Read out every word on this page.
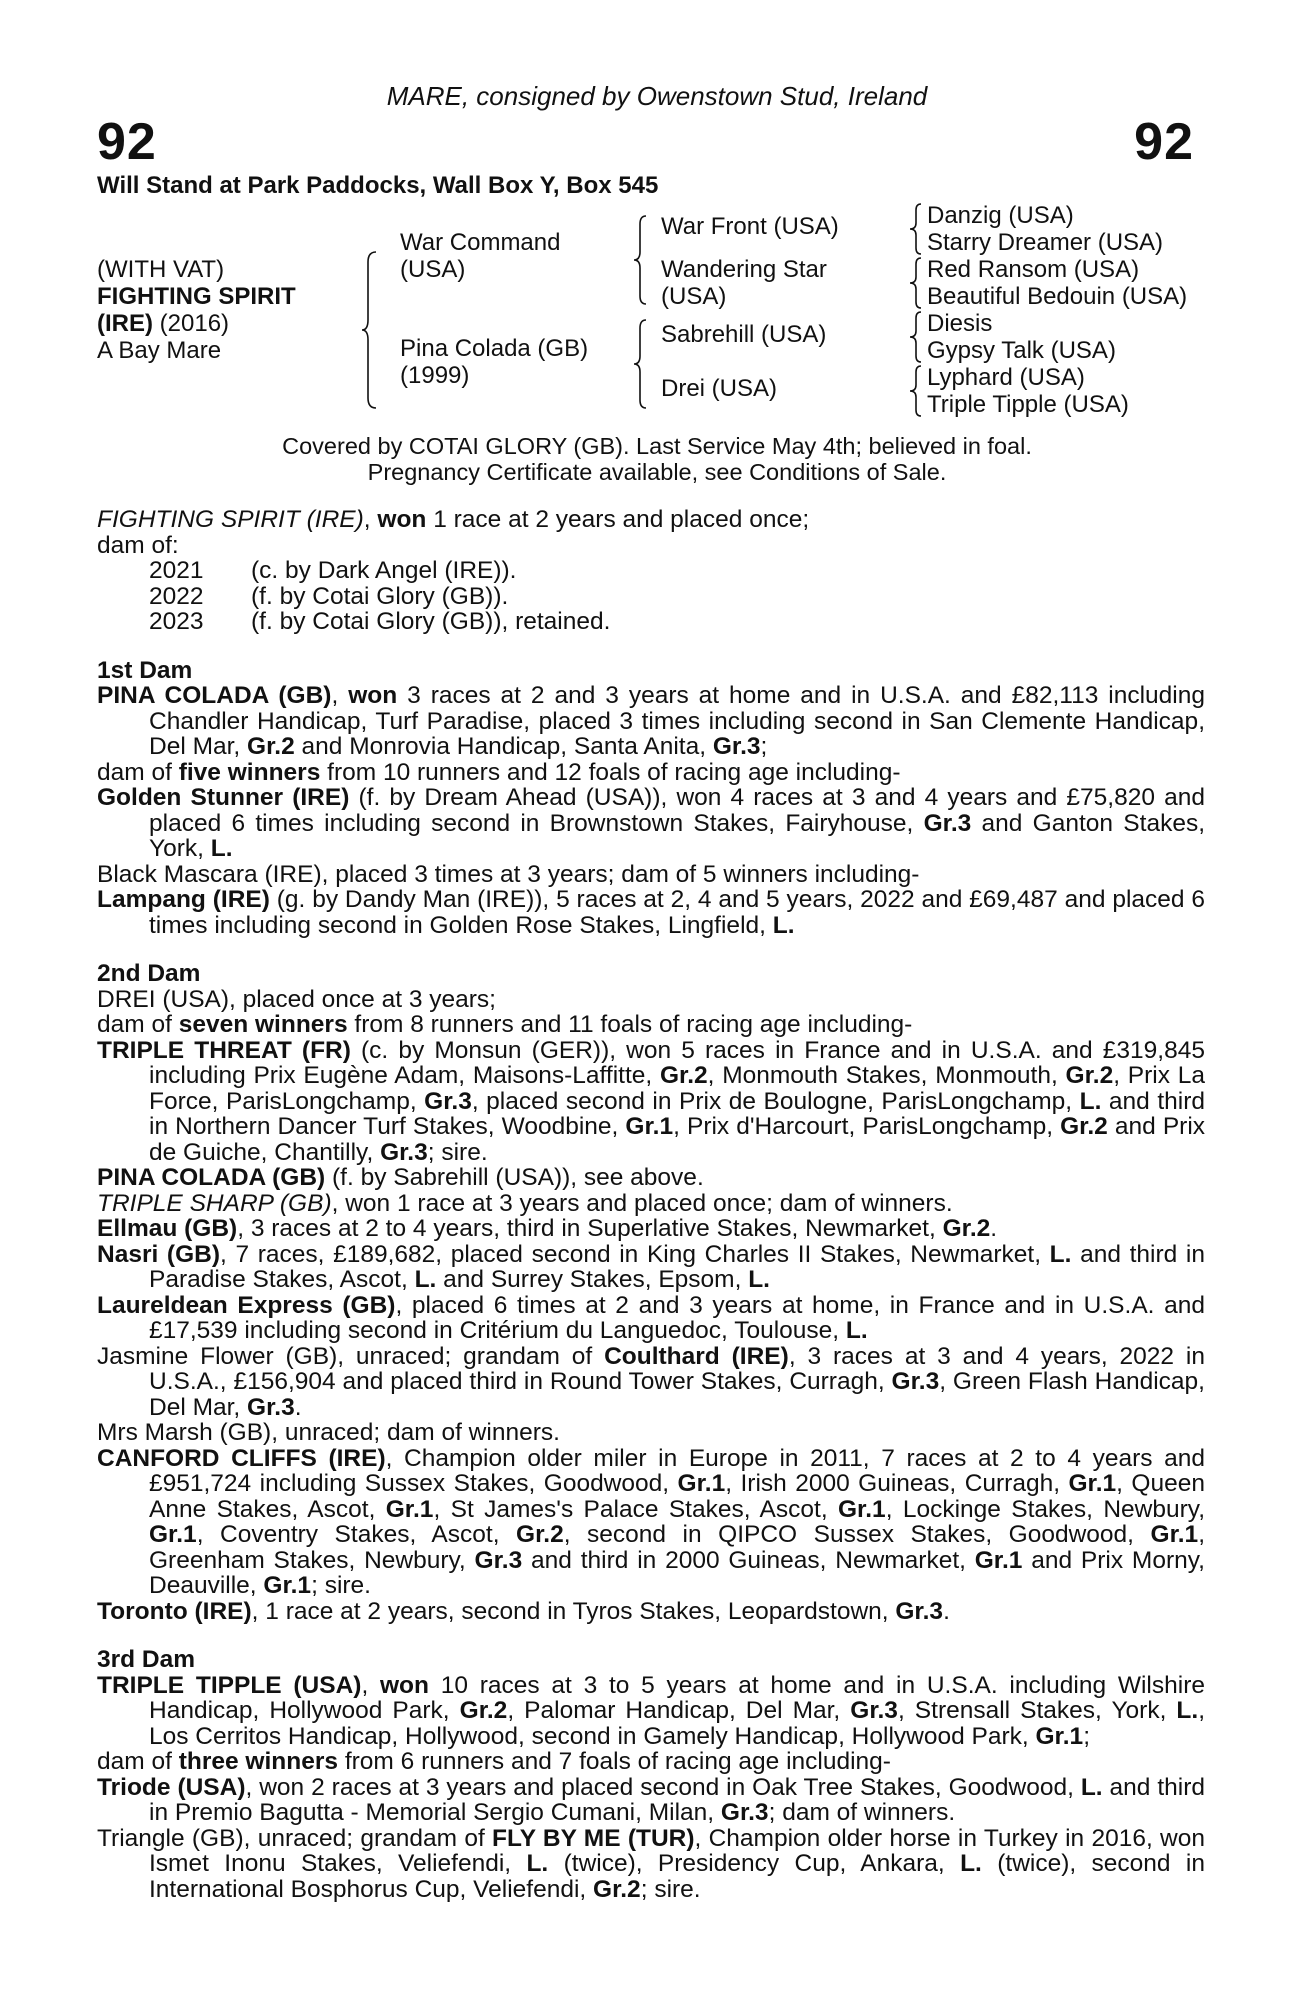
MARE, consigned by Owenstown Stud, Ireland
92	92
Will Stand at Park Paddocks, Wall Box Y, Box 545
(WITH VAT)
FIGHTING SPIRIT
(IRE) (2016)
A Bay Mare
War Command
(USA)
Pina Colada (GB)
(1999)
War Front (USA)
Wandering Star
(USA)
Sabrehill (USA)
Drei (USA)
Danzig (USA)
Starry Dreamer (USA)
Red Ransom (USA)
Beautiful Bedouin (USA)
Diesis
Gypsy Talk (USA)
Lyphard (USA)
Triple Tipple (USA)
Covered by COTAI GLORY (GB). Last Service May 4th; believed in foal.
Pregnancy Certificate available, see Conditions of Sale.

FIGHTING SPIRIT (IRE), won 1 race at 2 years and placed once;

dam of:

2021 (c. by Dark Angel (IRE)).

2022 (f. by Cotai Glory (GB)).

2023 (f. by Cotai Glory (GB)), retained.

1st Dam

PINA COLADA (GB), won 3 races at 2 and 3 years at home and in U.S.A. and £82,113 including Chandler Handicap, Turf Paradise, placed 3 times including second in San Clemente Handicap, Del Mar, Gr.2 and Monrovia Handicap, Santa Anita, Gr.3;

dam of five winners from 10 runners and 12 foals of racing age including-

Golden Stunner (IRE) (f. by Dream Ahead (USA)), won 4 races at 3 and 4 years and £75,820 and placed 6 times including second in Brownstown Stakes, Fairyhouse, Gr.3 and Ganton Stakes, York, L.

Black Mascara (IRE), placed 3 times at 3 years; dam of 5 winners including-

Lampang (IRE) (g. by Dandy Man (IRE)), 5 races at 2, 4 and 5 years, 2022 and £69,487 and placed 6 times including second in Golden Rose Stakes, Lingfield, L.

2nd Dam

DREI (USA), placed once at 3 years;

dam of seven winners from 8 runners and 11 foals of racing age including-

TRIPLE THREAT (FR) (c. by Monsun (GER)), won 5 races in France and in U.S.A. and £319,845 including Prix Eugène Adam, Maisons-Laffitte, Gr.2, Monmouth Stakes, Monmouth, Gr.2, Prix La Force, ParisLongchamp, Gr.3, placed second in Prix de Boulogne, ParisLongchamp, L. and third in Northern Dancer Turf Stakes, Woodbine, Gr.1, Prix d'Harcourt, ParisLongchamp, Gr.2 and Prix de Guiche, Chantilly, Gr.3; sire.

PINA COLADA (GB) (f. by Sabrehill (USA)), see above.

TRIPLE SHARP (GB), won 1 race at 3 years and placed once; dam of winners.

Ellmau (GB), 3 races at 2 to 4 years, third in Superlative Stakes, Newmarket, Gr.2.

Nasri (GB), 7 races, £189,682, placed second in King Charles II Stakes, Newmarket, L. and third in Paradise Stakes, Ascot, L. and Surrey Stakes, Epsom, L.

Laureldean Express (GB), placed 6 times at 2 and 3 years at home, in France and in U.S.A. and £17,539 including second in Critérium du Languedoc, Toulouse, L.

Jasmine Flower (GB), unraced; grandam of Coulthard (IRE), 3 races at 3 and 4 years, 2022 in U.S.A., £156,904 and placed third in Round Tower Stakes, Curragh, Gr.3, Green Flash Handicap, Del Mar, Gr.3.

Mrs Marsh (GB), unraced; dam of winners.

CANFORD CLIFFS (IRE), Champion older miler in Europe in 2011, 7 races at 2 to 4 years and £951,724 including Sussex Stakes, Goodwood, Gr.1, Irish 2000 Guineas, Curragh, Gr.1, Queen Anne Stakes, Ascot, Gr.1, St James's Palace Stakes, Ascot, Gr.1, Lockinge Stakes, Newbury, Gr.1, Coventry Stakes, Ascot, Gr.2, second in QIPCO Sussex Stakes, Goodwood, Gr.1, Greenham Stakes, Newbury, Gr.3 and third in 2000 Guineas, Newmarket, Gr.1 and Prix Morny, Deauville, Gr.1; sire.

Toronto (IRE), 1 race at 2 years, second in Tyros Stakes, Leopardstown, Gr.3.

3rd Dam

TRIPLE TIPPLE (USA), won 10 races at 3 to 5 years at home and in U.S.A. including Wilshire Handicap, Hollywood Park, Gr.2, Palomar Handicap, Del Mar, Gr.3, Strensall Stakes, York, L., Los Cerritos Handicap, Hollywood, second in Gamely Handicap, Hollywood Park, Gr.1;

dam of three winners from 6 runners and 7 foals of racing age including-

Triode (USA), won 2 races at 3 years and placed second in Oak Tree Stakes, Goodwood, L. and third in Premio Bagutta - Memorial Sergio Cumani, Milan, Gr.3; dam of winners.

Triangle (GB), unraced; grandam of FLY BY ME (TUR), Champion older horse in Turkey in 2016, won Ismet Inonu Stakes, Veliefendi, L. (twice), Presidency Cup, Ankara, L. (twice), second in International Bosphorus Cup, Veliefendi, Gr.2; sire.
